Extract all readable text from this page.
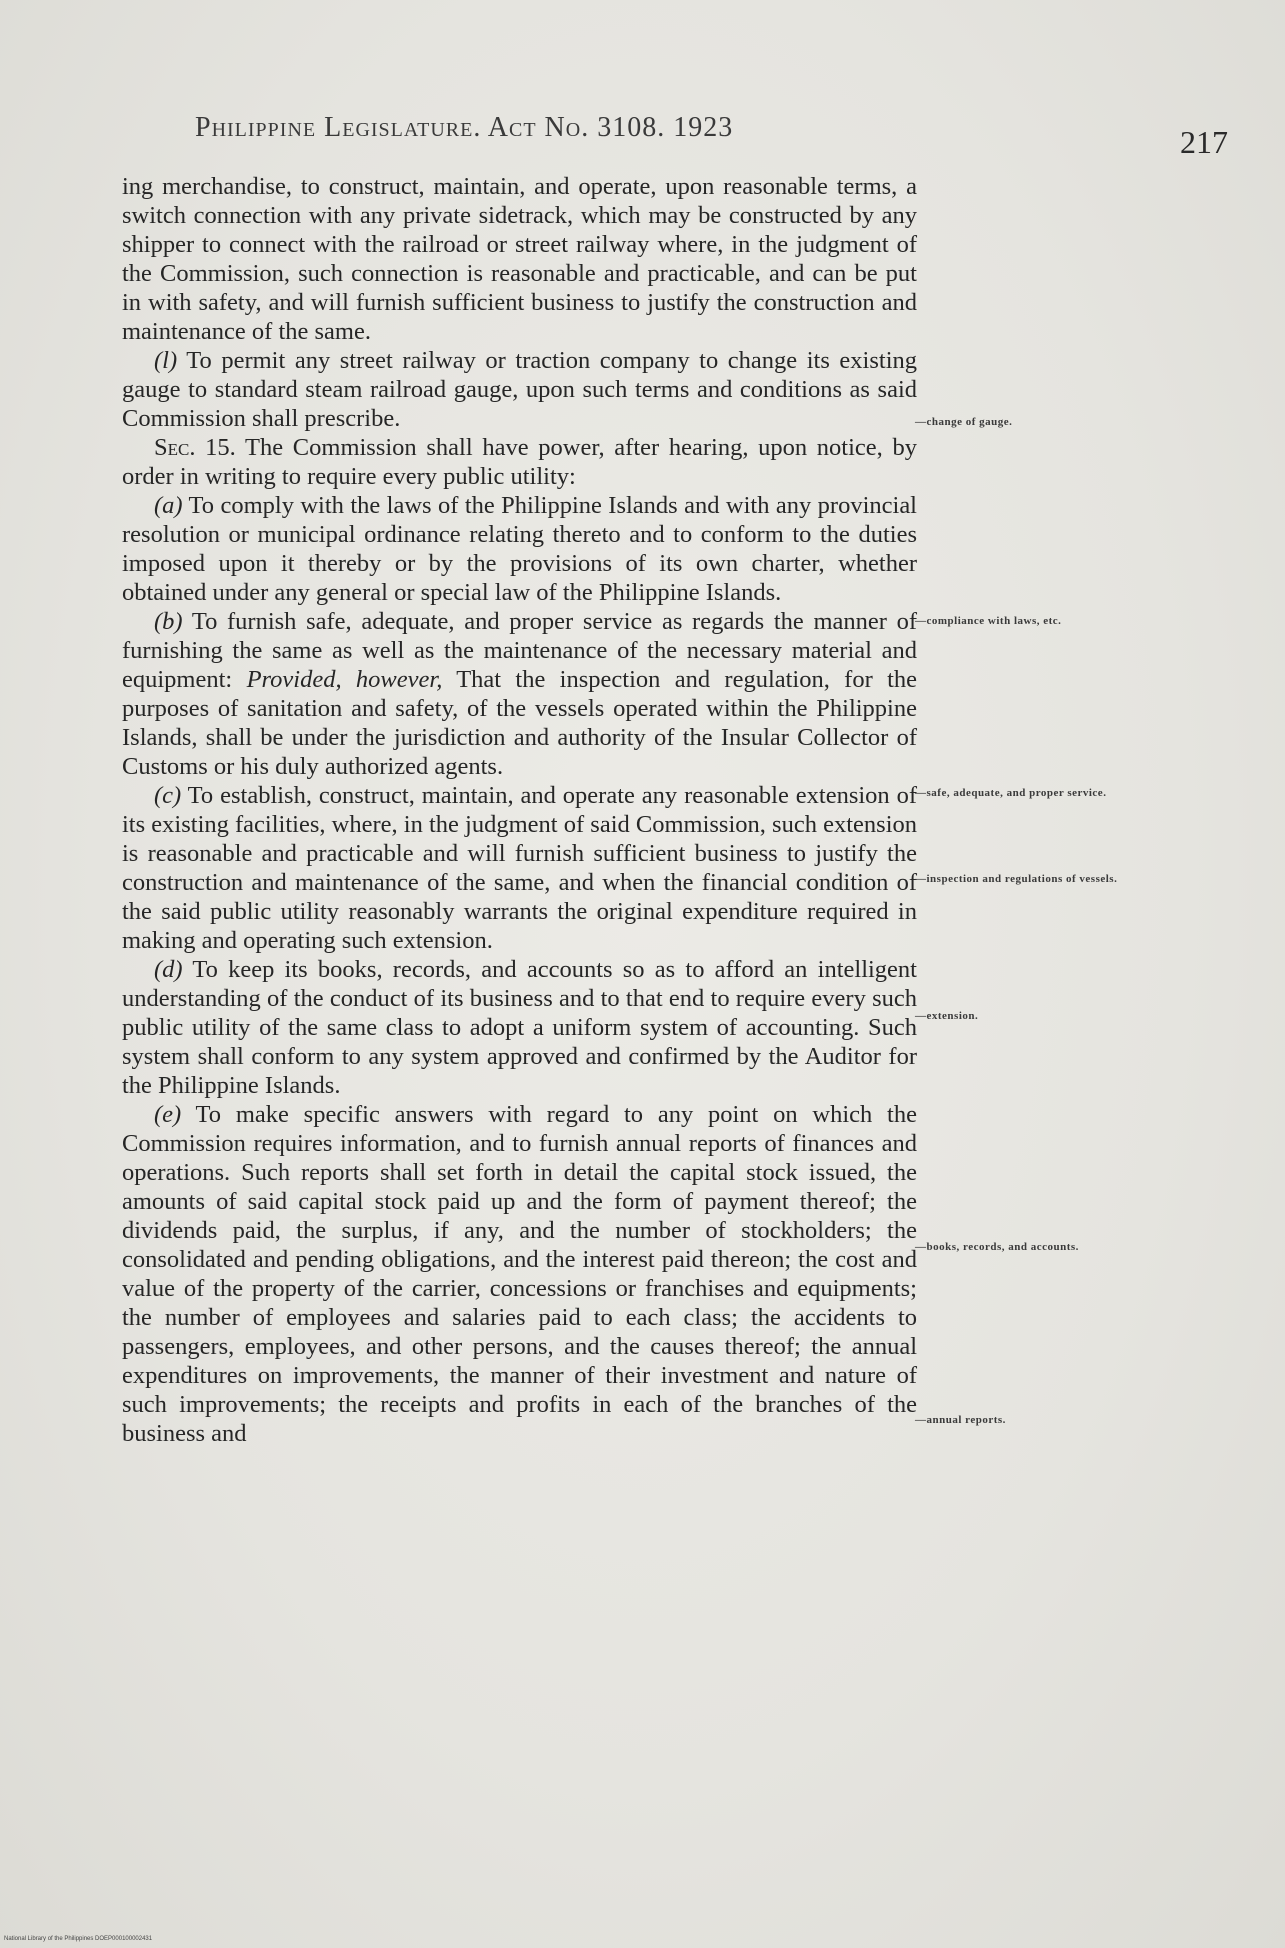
Philippine Legislature. Act No. 3108. 1923	217

ing merchandise, to construct, maintain, and operate, upon reasonable terms, a switch connection with any private sidetrack, which may be constructed by any shipper to connect with the railroad or street railway where, in the judgment of the Commission, such connection is reasonable and practicable, and can be put in with safety, and will furnish sufficient business to justify the construction and maintenance of the same.

(l) To permit any street railway or traction company to change its existing gauge to standard steam railroad gauge, upon such terms and conditions as said Commission shall prescribe.

Sec. 15. The Commission shall have power, after hearing, upon notice, by order in writing to require every public utility:

(a) To comply with the laws of the Philippine Islands and with any provincial resolution or municipal ordinance relating thereto and to conform to the duties imposed upon it thereby or by the provisions of its own charter, whether obtained under any general or special law of the Philippine Islands.

(b) To furnish safe, adequate, and proper service as regards the manner of furnishing the same as well as the maintenance of the necessary material and equipment: Provided, however, That the inspection and regulation, for the purposes of sanitation and safety, of the vessels operated within the Philippine Islands, shall be under the jurisdiction and authority of the Insular Collector of Customs or his duly authorized agents.

(c) To establish, construct, maintain, and operate any reasonable extension of its existing facilities, where, in the judgment of said Commission, such extension is reasonable and practicable and will furnish sufficient business to justify the construction and maintenance of the same, and when the financial condition of the said public utility reasonably warrants the original expenditure required in making and operating such extension.

(d) To keep its books, records, and accounts so as to afford an intelligent understanding of the conduct of its business and to that end to require every such public utility of the same class to adopt a uniform system of accounting. Such system shall conform to any system approved and confirmed by the Auditor for the Philippine Islands.

(e) To make specific answers with regard to any point on which the Commission requires information, and to furnish annual reports of finances and operations. Such reports shall set forth in detail the capital stock issued, the amounts of said capital stock paid up and the form of payment thereof; the dividends paid, the surplus, if any, and the number of stockholders; the consolidated and pending obligations, and the interest paid thereon; the cost and value of the property of the carrier, concessions or franchises and equipments; the number of employees and salaries paid to each class; the accidents to passengers, employees, and other persons, and the causes thereof; the annual expenditures on improvements, the manner of their investment and nature of such improvements; the receipts and profits in each of the branches of the business and

—change of gauge.
—compliance with laws, etc.
—safe, adequate, and proper service.
—inspection and regulations of vessels.
—extension.
—books, records, and accounts.
—annual reports.
National Library of the Philippines DOEP000100002431
